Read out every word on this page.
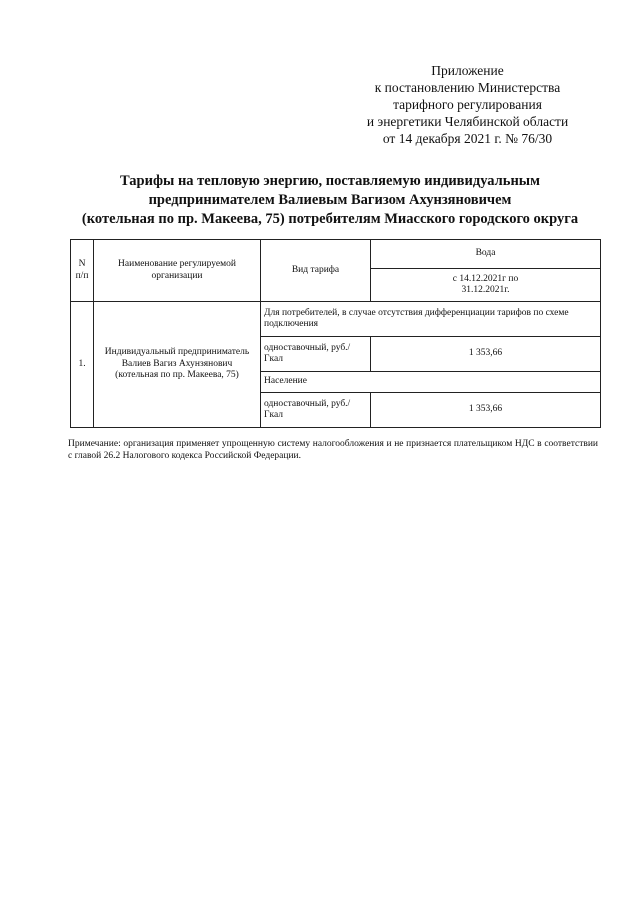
Приложение
к постановлению Министерства
тарифного регулирования
и энергетики Челябинской области
от 14 декабря 2021 г. № 76/30
Тарифы на тепловую энергию, поставляемую индивидуальным
предпринимателем Валиевым Вагизом Ахунзяновичем
(котельная по пр. Макеева, 75) потребителям Миасского городского округа
N п/п	Наименование регулируемой организации	Вид тарифа	Вода
			с 14.12.2021г по 31.12.2021г.
1.	Индивидуальный предприниматель Валиев Вагиз Ахунзянович (котельная по пр. Макеева, 75)	Для потребителей, в случае отсутствия дифференциации тарифов по схеме подключения	
		одноставочный, руб./Гкал	1 353,66
		Население	
		одноставочный, руб./Гкал	1 353,66
Примечание: организация применяет упрощенную систему налогообложения и не признается плательщиком НДС в соответствии с главой 26.2 Налогового кодекса Российской Федерации.
